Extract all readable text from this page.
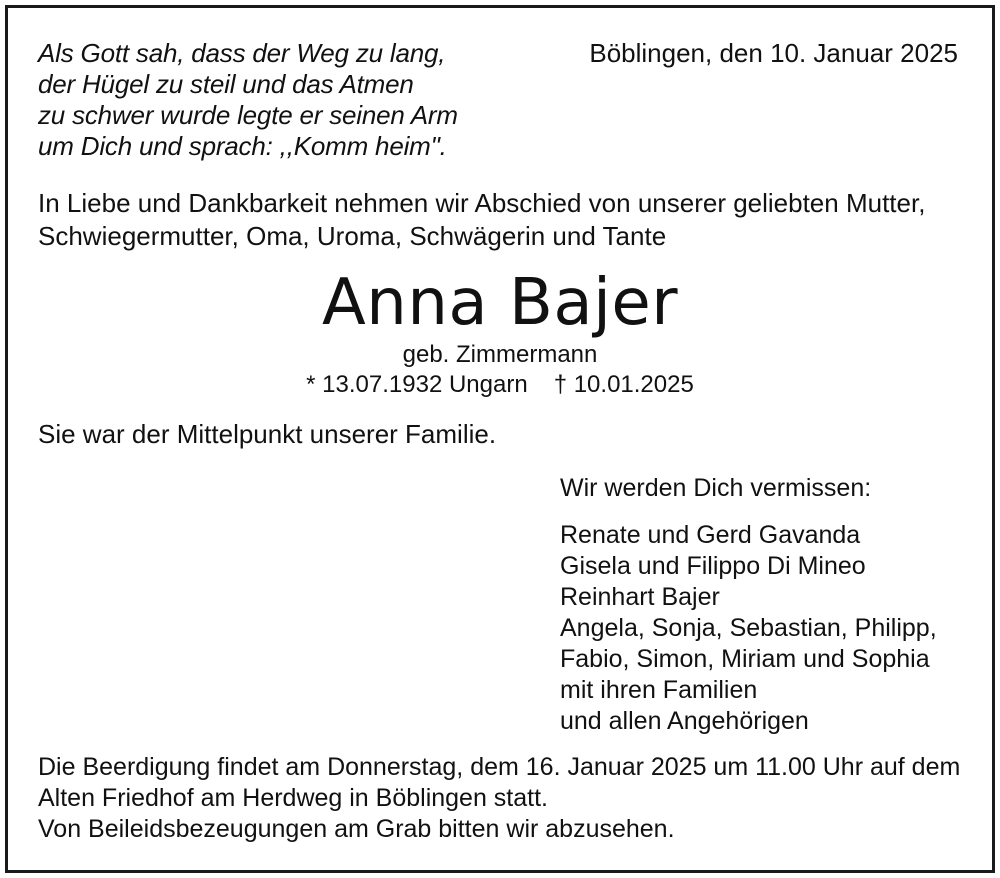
Als Gott sah, dass der Weg zu lang,
der Hügel zu steil und das Atmen
zu schwer wurde legte er seinen Arm
um Dich und sprach: ,,Komm heim".
Böblingen, den 10. Januar 2025
In Liebe und Dankbarkeit nehmen wir Abschied von unserer geliebten Mutter,
Schwiegermutter, Oma, Uroma, Schwägerin und Tante
Anna Bajer
geb. Zimmermann
* 13.07.1932 Ungarn † 10.01.2025
Sie war der Mittelpunkt unserer Familie.
Wir werden Dich vermissen:
Renate und Gerd Gavanda
Gisela und Filippo Di Mineo
Reinhart Bajer
Angela, Sonja, Sebastian, Philipp,
Fabio, Simon, Miriam und Sophia
mit ihren Familien
und allen Angehörigen
Die Beerdigung findet am Donnerstag, dem 16. Januar 2025 um 11.00 Uhr auf dem
Alten Friedhof am Herdweg in Böblingen statt.
Von Beileidsbezeugungen am Grab bitten wir abzusehen.
